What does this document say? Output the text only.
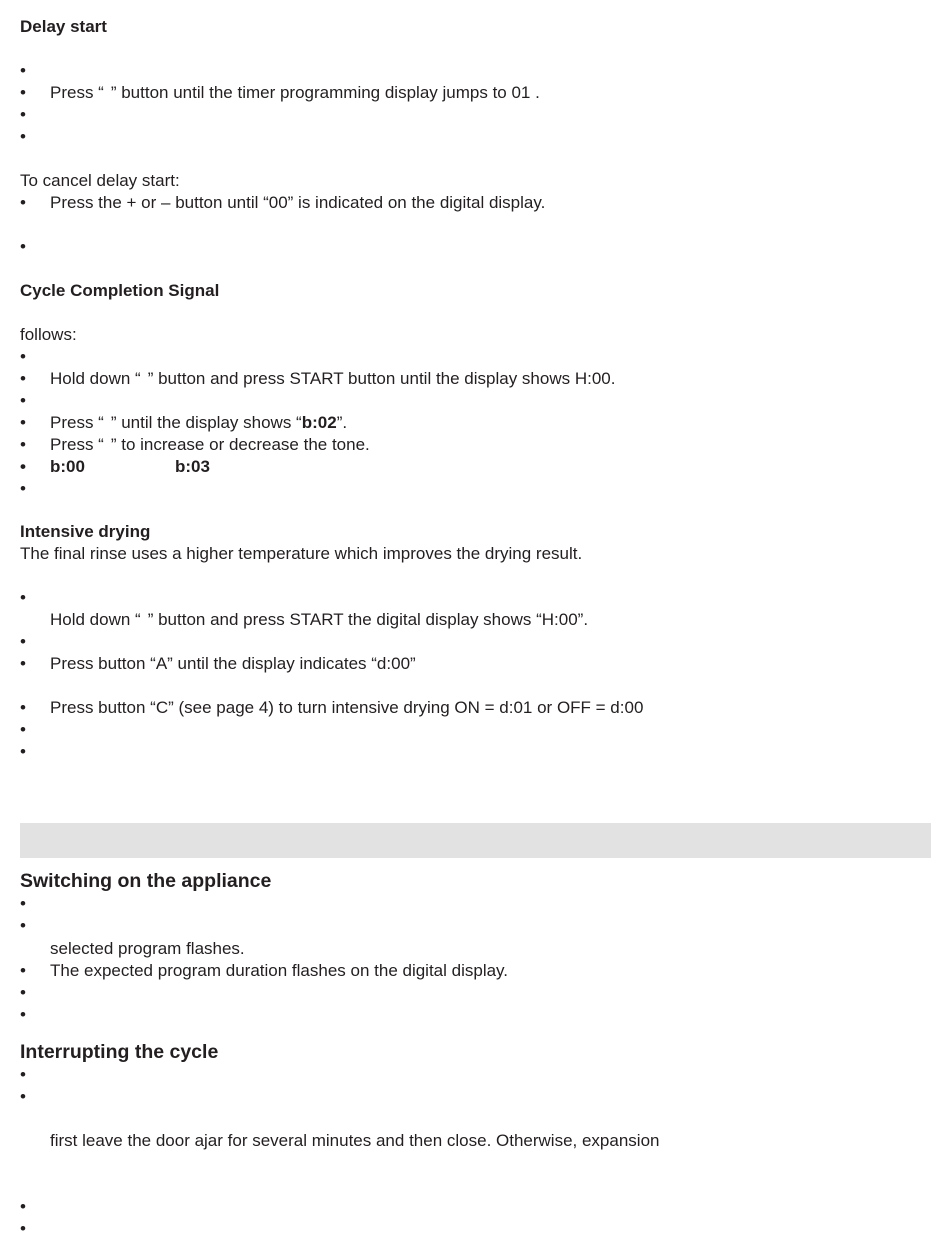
Delay start
•
• Press “ ” button until the timer programming display jumps to 01 .
•
•
To cancel delay start:
• Press the + or – button until “00” is indicated on the digital display.
•
Cycle Completion Signal
follows:
•
• Hold down “ ” button and press START button until the display shows H:00.
•
• Press “ ” until the display shows “b:02”.
• Press “ ” to increase or decrease the tone.
• b:00	b:03
•
Intensive drying
The final rinse uses a higher temperature which improves the drying result.
•
Hold down “ ” button and press START the digital display shows “H:00”.
•
• Press button “A” until the display indicates “d:00”
• Press button “C” (see page 4) to turn intensive drying ON = d:01 or OFF = d:00
•
•
Switching on the appliance
•
•
selected program flashes.
• The expected program duration flashes on the digital display.
•
•
Interrupting the cycle
•
•
first leave the door ajar for several minutes and then close. Otherwise, expansion
•
•
